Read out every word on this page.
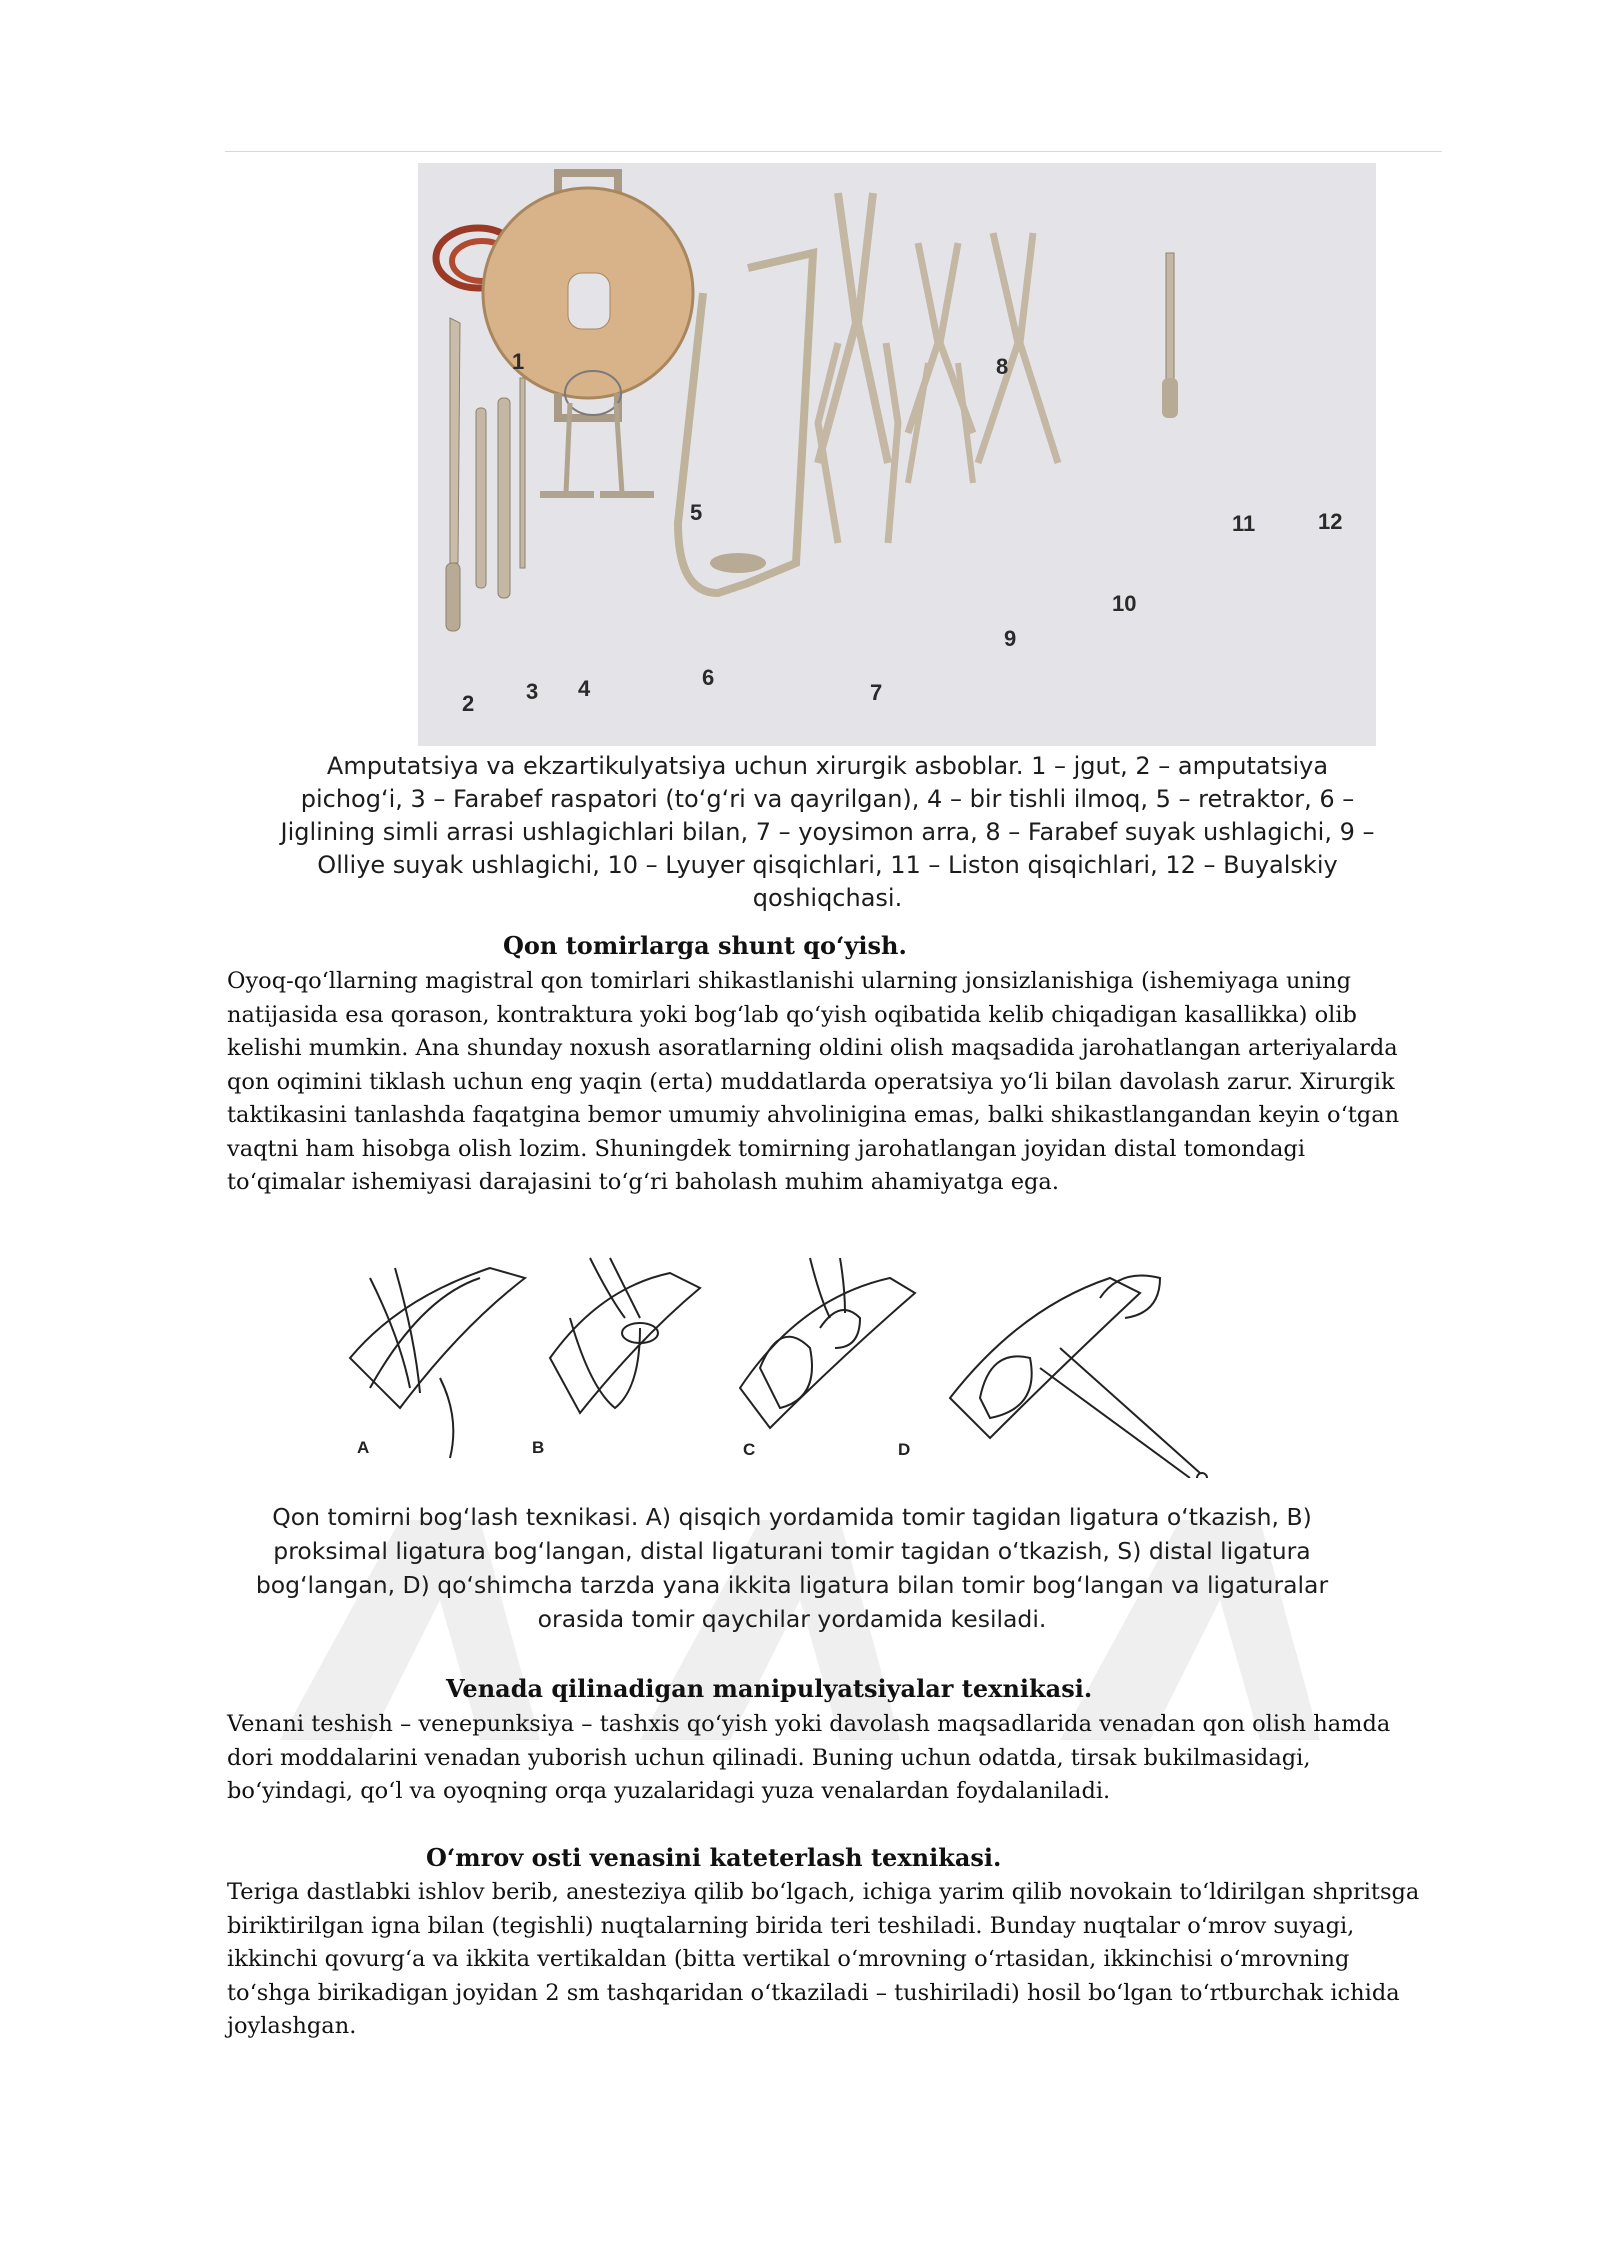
1
2 3 4
5
6
7
8
9
10
11	12
Amputatsiya va ekzartikulyatsiya uchun xirurgik asboblar. 1 – jgut, 2 – amputatsiya
pichog‘i, 3 – Farabef raspatori (to‘g‘ri va qayrilgan), 4 – bir tishli ilmoq, 5 – retraktor, 6 –
Jiglining simli arrasi ushlagichlari bilan, 7 – yoysimon arra, 8 – Farabef suyak ushlagichi, 9 –
Olliye suyak ushlagichi, 10 – Lyuyer qisqichlari, 11 – Liston qisqichlari, 12 – Buyalskiy
qoshiqchasi.
Qon tomirlarga shunt qo‘yish.
Oyoq-qo‘llarning magistral qon tomirlari shikastlanishi ularning jonsizlanishiga (ishemiyaga uning
natijasida esa qorason, kontraktura yoki bog‘lab qo‘yish oqibatida kelib chiqadigan kasallikka) olib
kelishi mumkin. Ana shunday noxush asoratlarning oldini olish maqsadida jarohatlangan arteriyalarda
qon oqimini tiklash uchun eng yaqin (erta) muddatlarda operatsiya yo‘li bilan davolash zarur. Xirurgik
taktikasini tanlashda faqatgina bemor umumiy ahvolinigina emas, balki shikastlangandan keyin o‘tgan
vaqtni ham hisobga olish lozim. Shuningdek tomirning jarohatlangan joyidan distal tomondagi
to‘qimalar ishemiyasi darajasini to‘g‘ri baholash muhim ahamiyatga ega.
A	B	C	D
Qon tomirni bog‘lash texnikasi. A) qisqich yordamida tomir tagidan ligatura o‘tkazish, B)
proksimal ligatura bog‘langan, distal ligaturani tomir tagidan o‘tkazish, S) distal ligatura
bog‘langan, D) qo‘shimcha tarzda yana ikkita ligatura bilan tomir bog‘langan va ligaturalar
orasida tomir qaychilar yordamida kesiladi.
Venada qilinadigan manipulyatsiyalar texnikasi.
Venani teshish – venepunksiya – tashxis qo‘yish yoki davolash maqsadlarida venadan qon olish hamda
dori moddalarini venadan yuborish uchun qilinadi. Buning uchun odatda, tirsak bukilmasidagi,
bo‘yindagi, qo‘l va oyoqning orqa yuzalaridagi yuza venalardan foydalaniladi.
O‘mrov osti venasini kateterlash texnikasi.
Teriga dastlabki ishlov berib, anesteziya qilib bo‘lgach, ichiga yarim qilib novokain to‘ldirilgan shpritsga
biriktirilgan igna bilan (tegishli) nuqtalarning birida teri teshiladi. Bunday nuqtalar o‘mrov suyagi,
ikkinchi qovurg‘a va ikkita vertikaldan (bitta vertikal o‘mrovning o‘rtasidan, ikkinchisi o‘mrovning
to‘shga birikadigan joyidan 2 sm tashqaridan o‘tkaziladi – tushiriladi) hosil bo‘lgan to‘rtburchak ichida
joylashgan.
